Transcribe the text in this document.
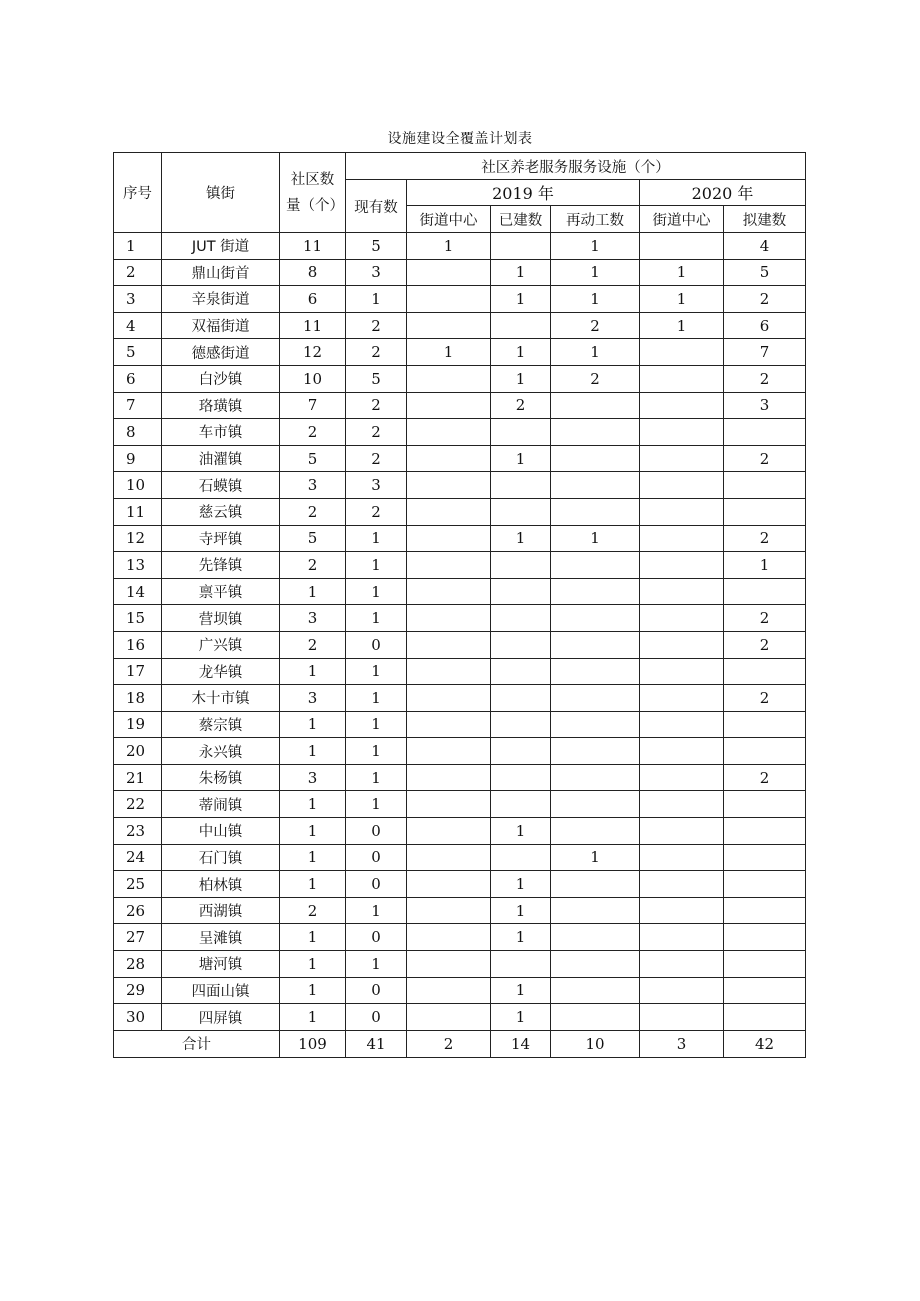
设施建设全覆盖计划表
序号	镇街	社区数量（个）	社区养老服务服务设施（个）					
			现有数	2019 年			2020 年	
				街道中心	已建数	再动工数	街道中心	拟建数
1	JUT 街道	11	5	1		1		4
2	鼎山街首	8	3		1	1	1	5
3	辛泉街道	6	1		1	1	1	2
4	双福街道	11	2			2	1	6
5	德感街道	12	2	1	1	1		7
6	白沙镇	10	5		1	2		2
7	珞璜镇	7	2		2			3
8	车市镇	2	2					
9	油濯镇	5	2		1			2
10	石蟆镇	3	3					
11	慈云镇	2	2					
12	寺坪镇	5	1		1	1		2
13	先锋镇	2	1					1
14	禀平镇	1	1					
15	营坝镇	3	1					2
16	广兴镇	2	0					2
17	龙华镇	1	1					
18	木十市镇	3	1					2
19	蔡宗镇	1	1					
20	永兴镇	1	1					
21	朱杨镇	3	1					2
22	蒂闹镇	1	1					
23	中山镇	1	0		1			
24	石门镇	1	0			1		
25	柏林镇	1	0		1			
26	西湖镇	2	1		1			
27	呈滩镇	1	0		1			
28	塘河镇	1	1					
29	四面山镇	1	0		1			
30	四屏镇	1	0		1			
合计		109	41	2	14	10	3	42
